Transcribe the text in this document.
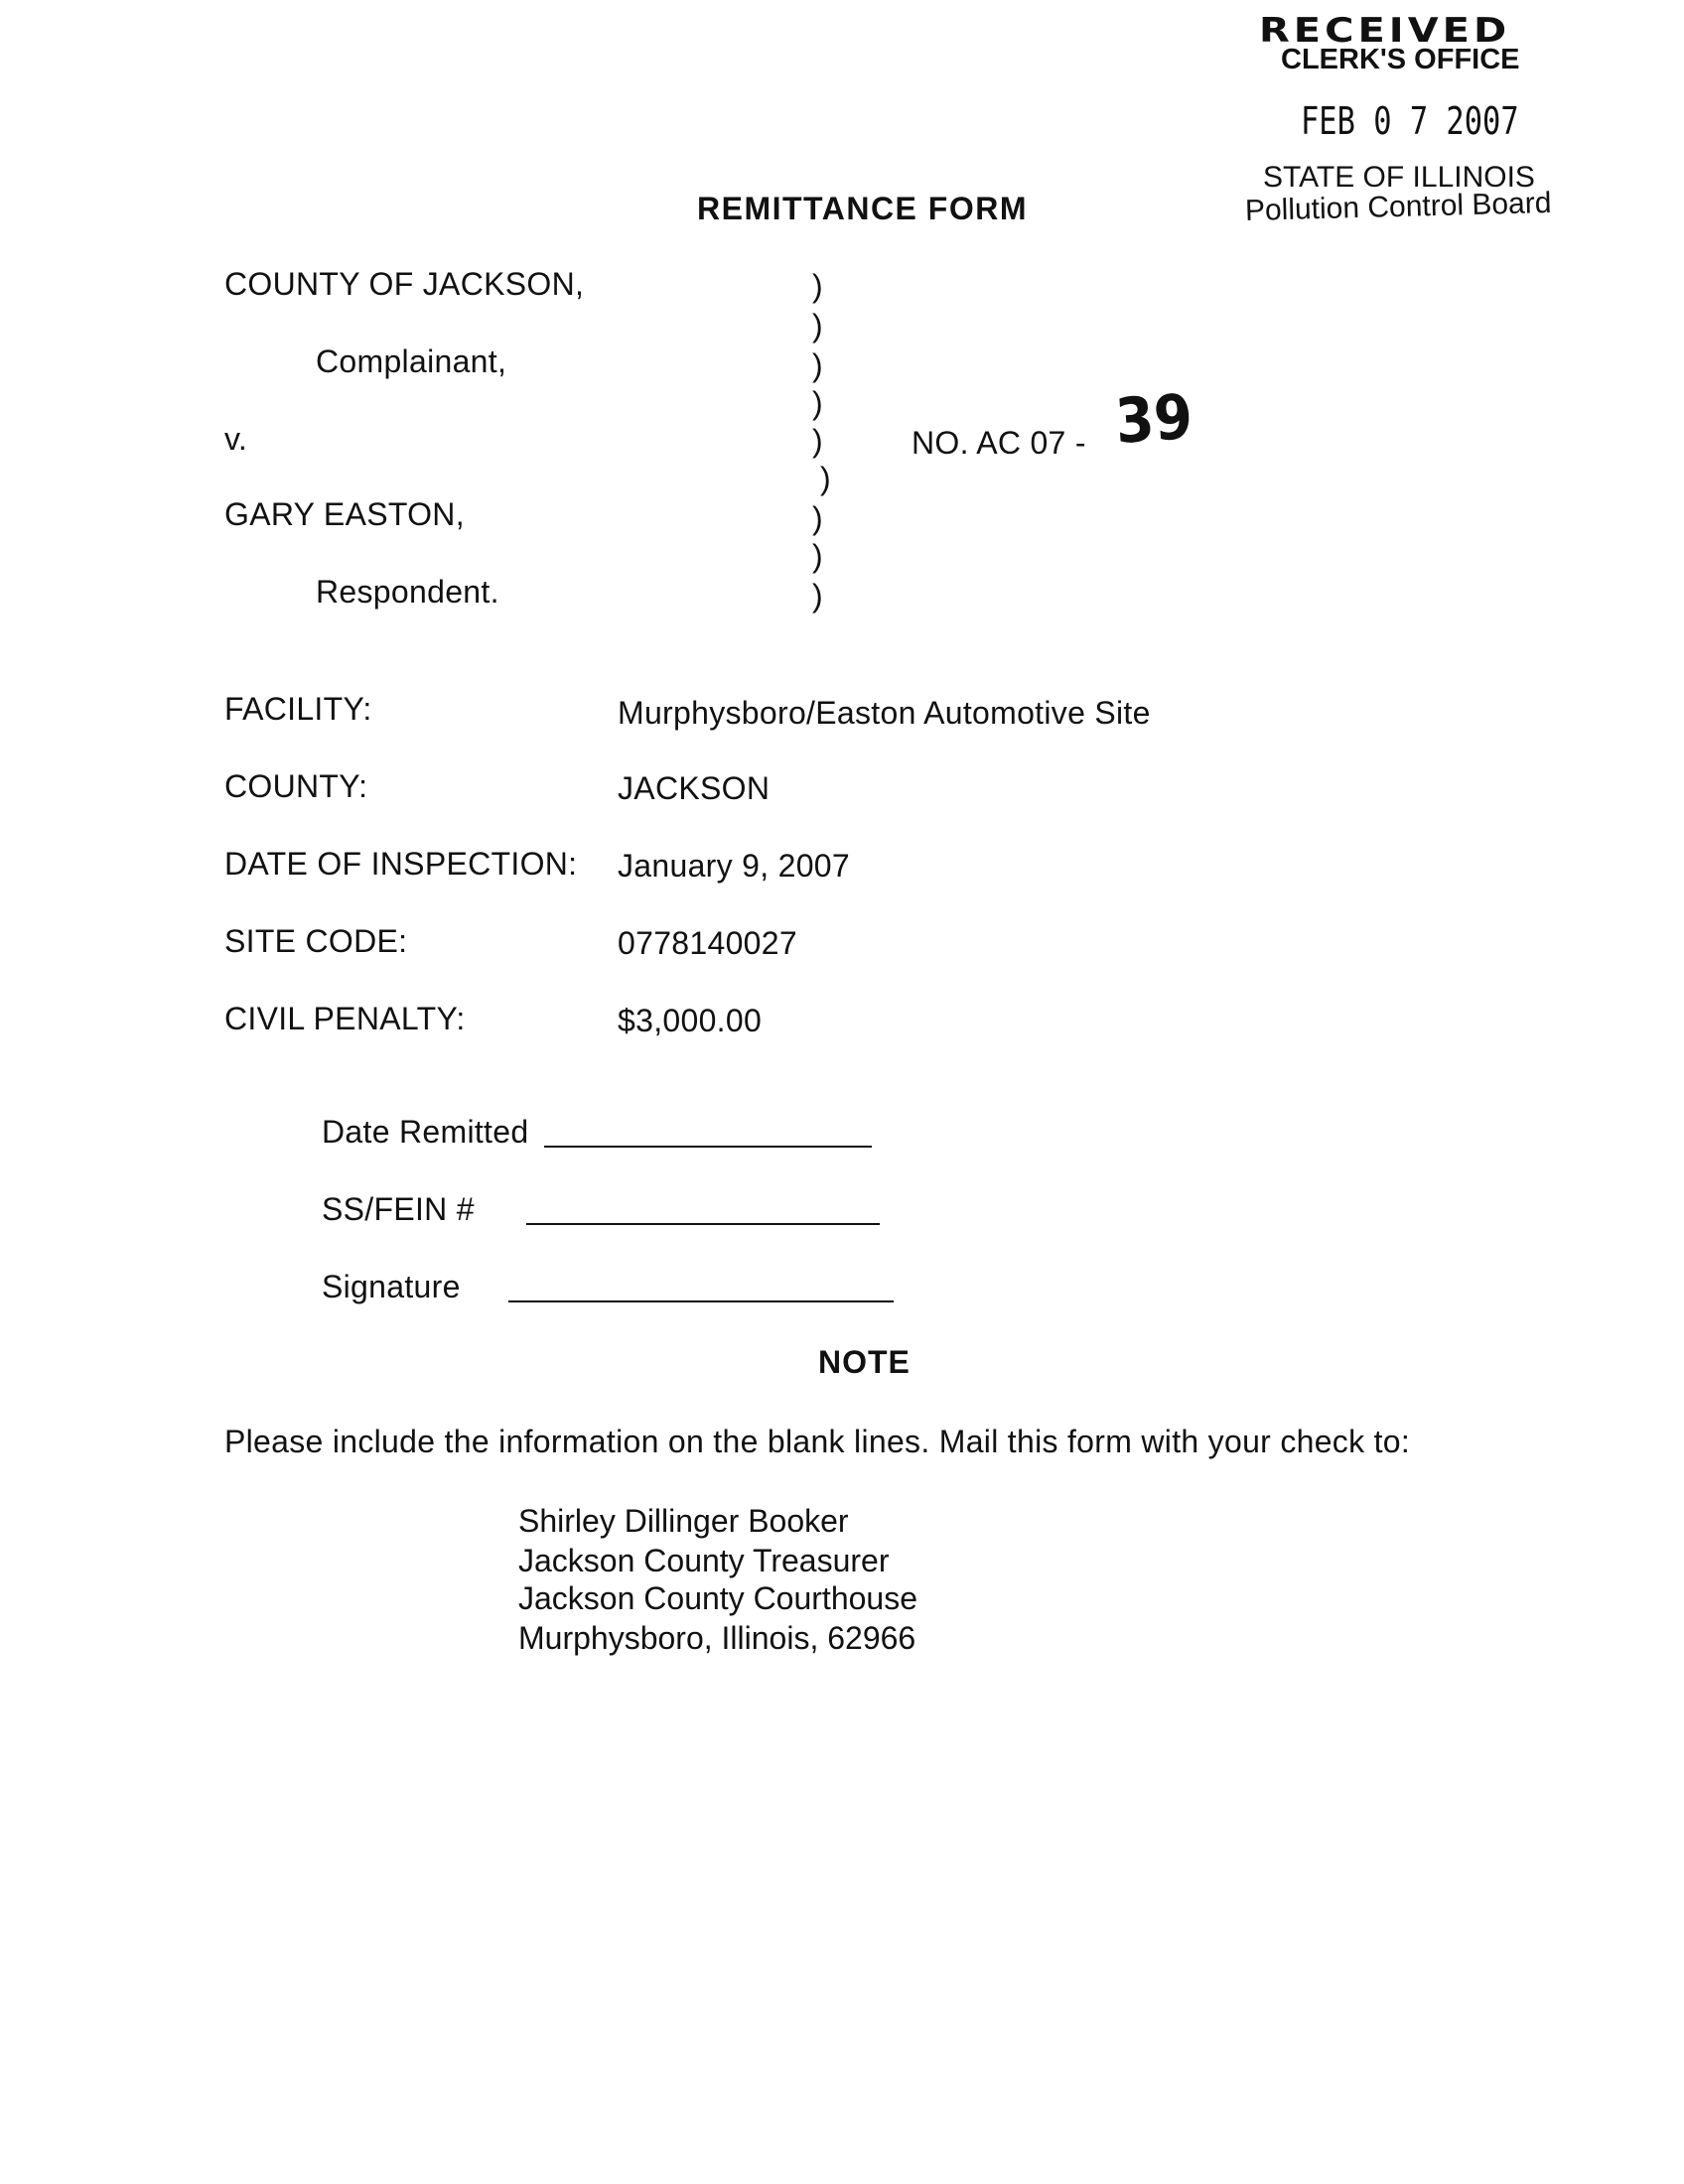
RECEIVED
CLERK'S OFFICE
FEB 0 7 2007
STATE OF ILLINOIS
Pollution Control Board
REMITTANCE FORM
COUNTY OF JACKSON,
Complainant,
v.
GARY EASTON,
Respondent.
)
)
)
)
)
)
)
)
)
NO. AC 07 - 39
FACILITY:	Murphysboro/Easton Automotive Site
COUNTY:	JACKSON
DATE OF INSPECTION: January 9, 2007
SITE CODE:	0778140027
CIVIL PENALTY:	$3,000.00
Date Remitted
SS/FEIN #
Signature
NOTE
Please include the information on the blank lines. Mail this form with your check to:
Shirley Dillinger Booker
Jackson County Treasurer
Jackson County Courthouse
Murphysboro, Illinois, 62966
